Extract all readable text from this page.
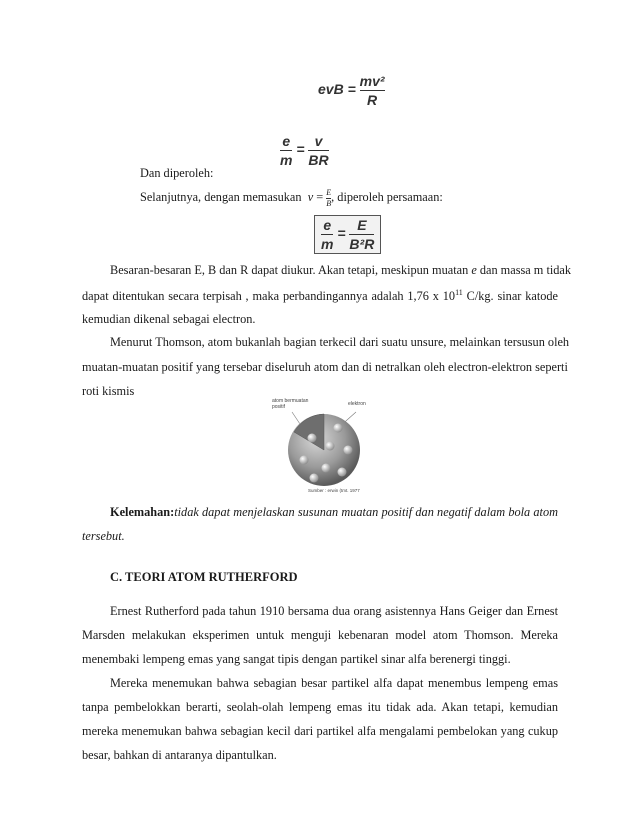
evB = $\frac{\text{mv²}}{R}$
$\frac{e}{m} = \frac{v}{BR}$
Dan diperoleh:
Selanjutnya, dengan memasukan $v = \frac{E}{B}$ , diperoleh persamaan:
$\frac{e}{m} = \frac{E}{\text{B²R}}$
Besaran-besaran E, B dan R dapat diukur. Akan tetapi, meskipun muatan e dan massa m tidak
dapat ditentukan secara terpisah , maka perbandingannya adalah 1,76 x $10^{11}$ C/kg. sinar katode
kemudian dikenal sebagai electron.
Menurut Thomson, atom bukanlah bagian terkecil dari suatu unsure, melainkan tersusun oleh
muatan-muatan positif yang tersebar diseluruh atom dan di netralkan oleh electron-elektron seperti
roti kismis
atom bermuatan positif	elektron
Sumber : erwin (tmt. 1977
Kelemahan:tidak dapat menjelaskan susunan muatan positif dan negatif dalam bola atom
tersebut.
C. TEORI ATOM RUTHERFORD
Ernest Rutherford pada tahun 1910 bersama dua orang asistennya Hans Geiger dan Ernest
Marsden melakukan eksperimen untuk menguji kebenaran model atom Thomson. Mereka
menembaki lempeng emas yang sangat tipis dengan partikel sinar alfa berenergi tinggi.
Mereka menemukan bahwa sebagian besar partikel alfa dapat menembus lempeng emas
tanpa pembelokkan berarti, seolah-olah lempeng emas itu tidak ada. Akan tetapi, kemudian
mereka menemukan bahwa sebagian kecil dari partikel alfa mengalami pembelokan yang cukup
besar, bahkan di antaranya dipantulkan.
